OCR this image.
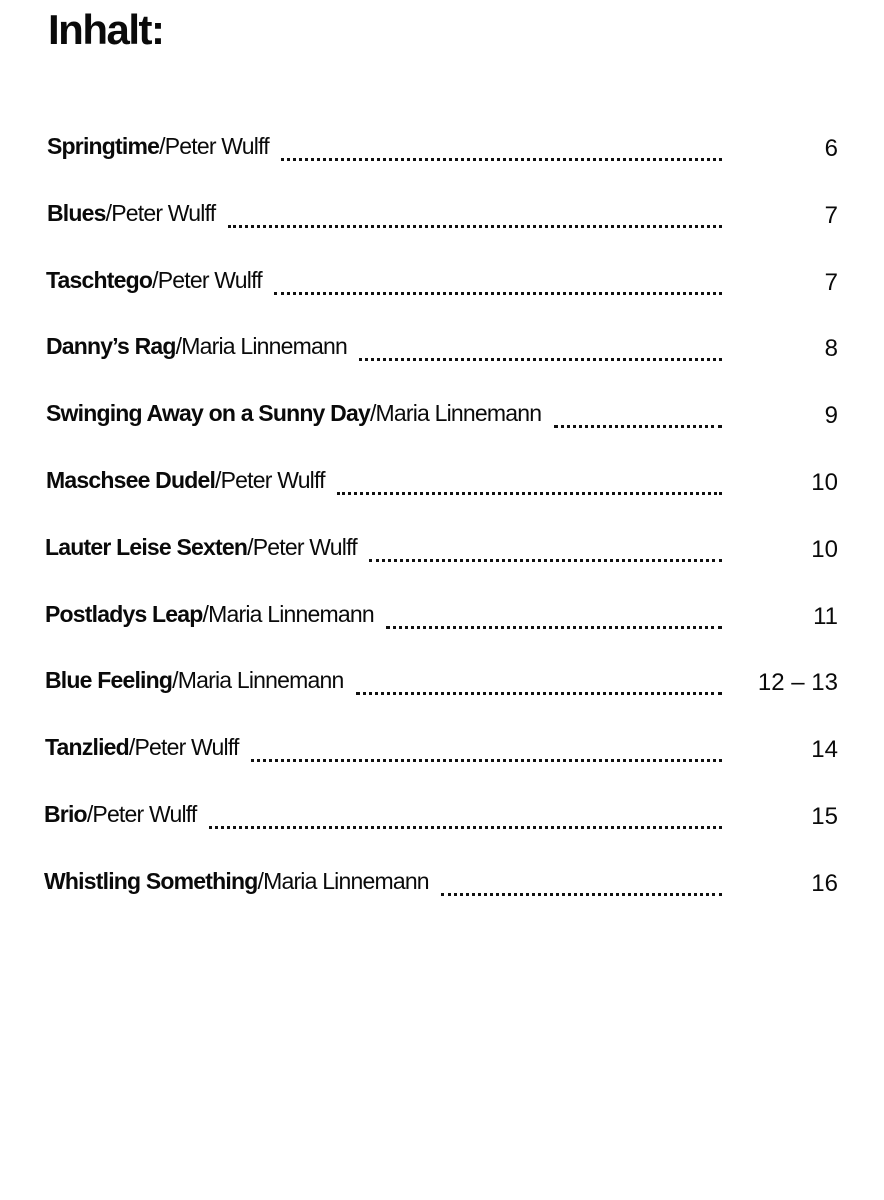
Inhalt:
Springtime/Peter Wulff	6
Blues/Peter Wulff	7
Taschtego/Peter Wulff	7
Danny’s Rag/Maria Linnemann	8
Swinging Away on a Sunny Day/Maria Linnemann	9
Maschsee Dudel/Peter Wulff	10
Lauter Leise Sexten/Peter Wulff	10
Postladys Leap/Maria Linnemann	11
Blue Feeling/Maria Linnemann	12 – 13
Tanzlied/Peter Wulff	14
Brio/Peter Wulff	15
Whistling Something/Maria Linnemann	16
